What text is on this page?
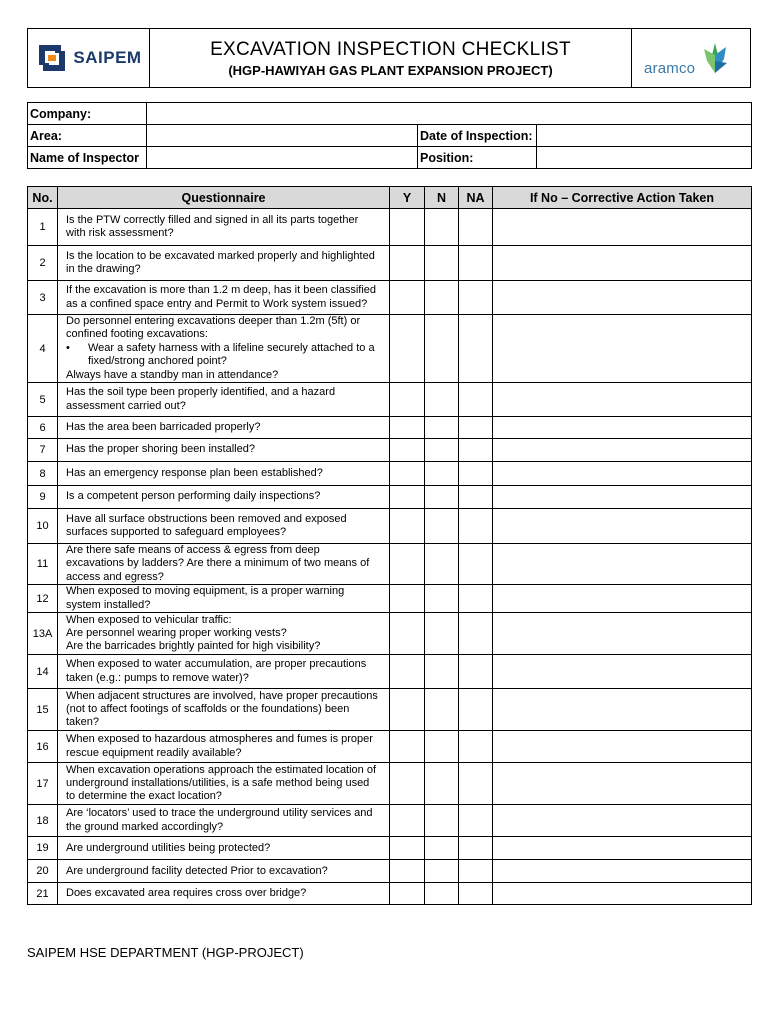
SAIPEM	EXCAVATION INSPECTION CHECKLIST
(HGP-HAWIYAH GAS PLANT EXPANSION PROJECT)	aramco
Company:			
Area:		Date of Inspection:	
Name of Inspector		Position:	
No.	Questionnaire	Y	N	NA	If No – Corrective Action Taken
1	Is the PTW correctly filled and signed in all its parts together
with risk assessment?				
2	Is the location to be excavated marked properly and highlighted
in the drawing?				
3	If the excavation is more than 1.2 m deep, has it been classified
as a confined space entry and Permit to Work system issued?				
4	Do personnel entering excavations deeper than 1.2m (5ft) or
confined footing excavations:
• Wear a safety harness with a lifeline securely attached to a
fixed/strong anchored point?
Always have a standby man in attendance?				
5	Has the soil type been properly identified, and a hazard
assessment carried out?				
6	Has the area been barricaded properly?				
7	Has the proper shoring been installed?				
8	Has an emergency response plan been established?				
9	Is a competent person performing daily inspections?				
10	Have all surface obstructions been removed and exposed
surfaces supported to safeguard employees?				
11	Are there safe means of access & egress from deep
excavations by ladders? Are there a minimum of two means of
access and egress?				
12	When exposed to moving equipment, is a proper warning
system installed?				
13A	When exposed to vehicular traffic:
Are personnel wearing proper working vests?
Are the barricades brightly painted for high visibility?				
14	When exposed to water accumulation, are proper precautions
taken (e.g.: pumps to remove water)?				
15	When adjacent structures are involved, have proper precautions
(not to affect footings of scaffolds or the foundations) been
taken?				
16	When exposed to hazardous atmospheres and fumes is proper
rescue equipment readily available?				
17	When excavation operations approach the estimated location of
underground installations/utilities, is a safe method being used
to determine the exact location?				
18	Are ‘locators’ used to trace the underground utility services and
the ground marked accordingly?				
19	Are underground utilities being protected?				
20	Are underground facility detected Prior to excavation?				
21	Does excavated area requires cross over bridge?				
SAIPEM HSE DEPARTMENT (HGP-PROJECT)
